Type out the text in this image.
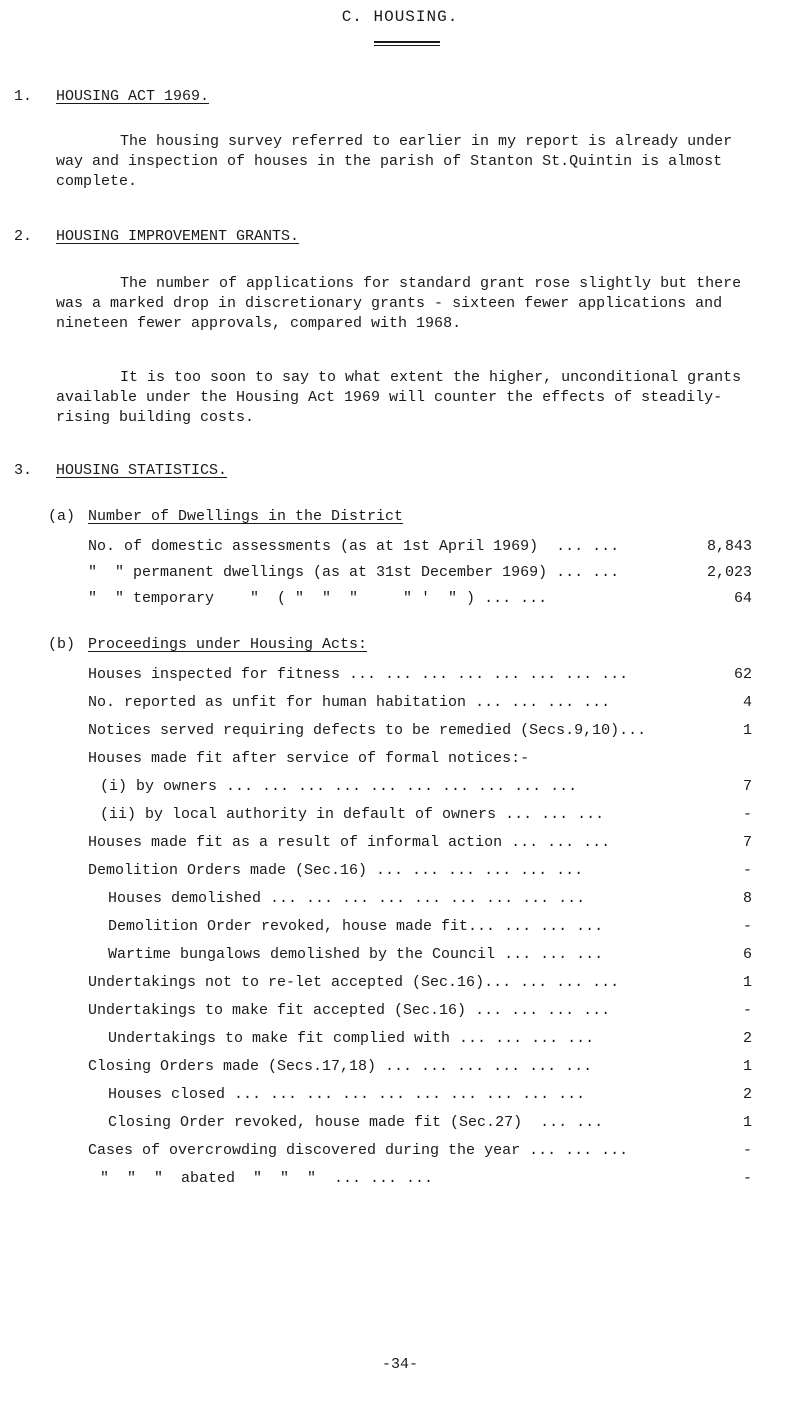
C. HOUSING.
1. HOUSING ACT 1969.

The housing survey referred to earlier in my report is already under way and inspection of houses in the parish of Stanton St.Quintin is almost complete.

2. HOUSING IMPROVEMENT GRANTS.

The number of applications for standard grant rose slightly but there was a marked drop in discretionary grants - sixteen fewer applications and nineteen fewer approvals, compared with 1968.

It is too soon to say to what extent the higher, unconditional grants available under the Housing Act 1969 will counter the effects of steadily-rising building costs.

3. HOUSING STATISTICS.
(a) Number of Dwellings in the District
No. of domestic assessments (as at 1st April 1969)  ... ...	8,843
"  " permanent dwellings (as at 31st December 1969) ... ...	2,023
"  " temporary    "  ( "  "  "     " '  " ) ... ...	64
(b) Proceedings under Housing Acts:
Houses inspected for fitness ... ... ... ... ... ... ... ...	62
No. reported as unfit for human habitation ... ... ... ...	4
Notices served requiring defects to be remedied (Secs.9,10)...	1
Houses made fit after service of formal notices:-
(i) by owners ... ... ... ... ... ... ... ... ... ...	7
(ii) by local authority in default of owners ... ... ...	-
Houses made fit as a result of informal action ... ... ...	7
Demolition Orders made (Sec.16) ... ... ... ... ... ...	-
Houses demolished ... ... ... ... ... ... ... ... ...	8
Demolition Order revoked, house made fit... ... ... ...	-
Wartime bungalows demolished by the Council ... ... ...	6
Undertakings not to re-let accepted (Sec.16)... ... ... ...	1
Undertakings to make fit accepted (Sec.16) ... ... ... ...	-
Undertakings to make fit complied with ... ... ... ...	2
Closing Orders made (Secs.17,18) ... ... ... ... ... ...	1
Houses closed ... ... ... ... ... ... ... ... ... ...	2
Closing Order revoked, house made fit (Sec.27)  ... ...	1
Cases of overcrowding discovered during the year ... ... ...	-
"  "  "  abated  "  "  "  ... ... ...	-
-34-
